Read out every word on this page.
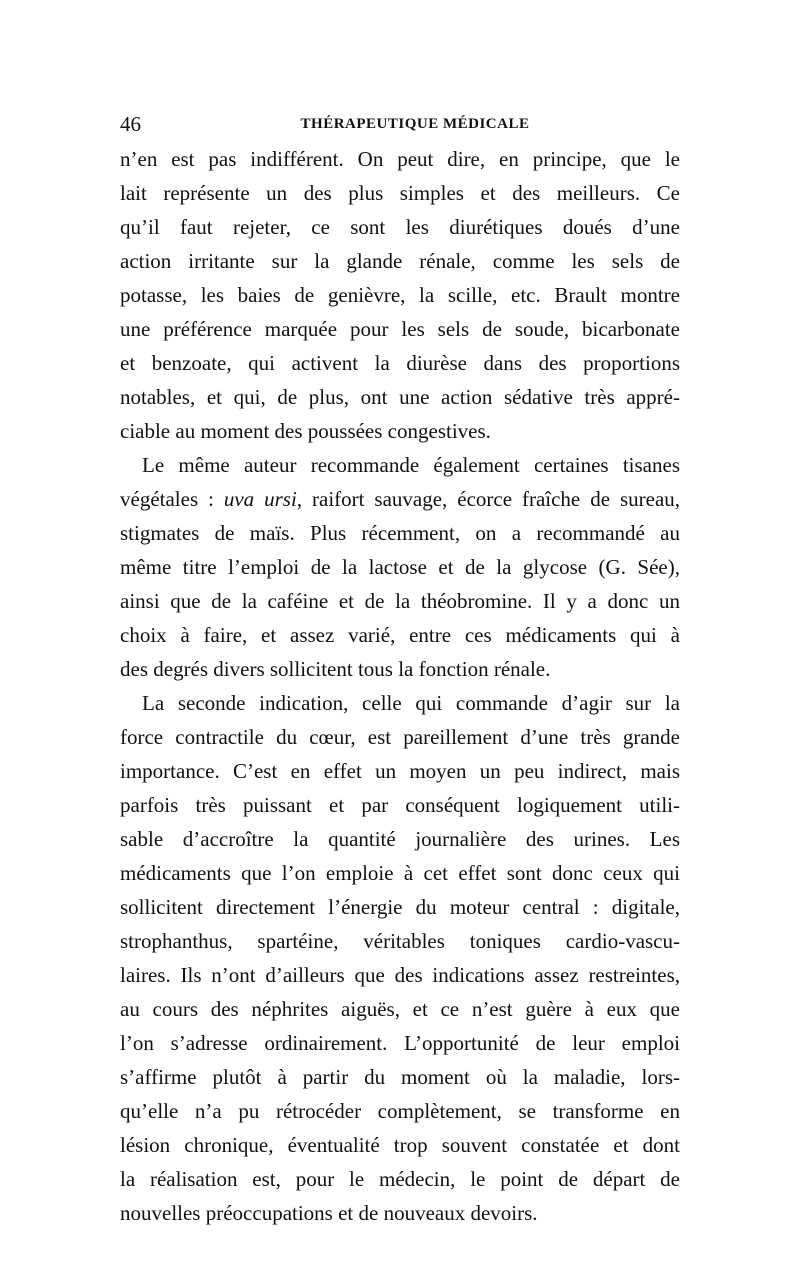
46	THÉRAPEUTIQUE MÉDICALE
n’en est pas indifférent. On peut dire, en principe, que le
lait représente un des plus simples et des meilleurs. Ce
qu’il faut rejeter, ce sont les diurétiques doués d’une
action irritante sur la glande rénale, comme les sels de
potasse, les baies de genièvre, la scille, etc. Brault montre
une préférence marquée pour les sels de soude, bicarbonate
et benzoate, qui activent la diurèse dans des proportions
notables, et qui, de plus, ont une action sédative très appré-
ciable au moment des poussées congestives.
Le même auteur recommande également certaines tisanes
végétales : uva ursi, raifort sauvage, écorce fraîche de sureau,
stigmates de maïs. Plus récemment, on a recommandé au
même titre l’emploi de la lactose et de la glycose (G. Sée),
ainsi que de la caféine et de la théobromine. Il y a donc un
choix à faire, et assez varié, entre ces médicaments qui à
des degrés divers sollicitent tous la fonction rénale.
La seconde indication, celle qui commande d’agir sur la
force contractile du cœur, est pareillement d’une très grande
importance. C’est en effet un moyen un peu indirect, mais
parfois très puissant et par conséquent logiquement utili-
sable d’accroître la quantité journalière des urines. Les
médicaments que l’on emploie à cet effet sont donc ceux qui
sollicitent directement l’énergie du moteur central : digitale,
strophanthus, spartéine, véritables toniques cardio-vascu-
laires. Ils n’ont d’ailleurs que des indications assez restreintes,
au cours des néphrites aiguës, et ce n’est guère à eux que
l’on s’adresse ordinairement. L’opportunité de leur emploi
s’affirme plutôt à partir du moment où la maladie, lors-
qu’elle n’a pu rétrocéder complètement, se transforme en
lésion chronique, éventualité trop souvent constatée et dont
la réalisation est, pour le médecin, le point de départ de
nouvelles préoccupations et de nouveaux devoirs.
